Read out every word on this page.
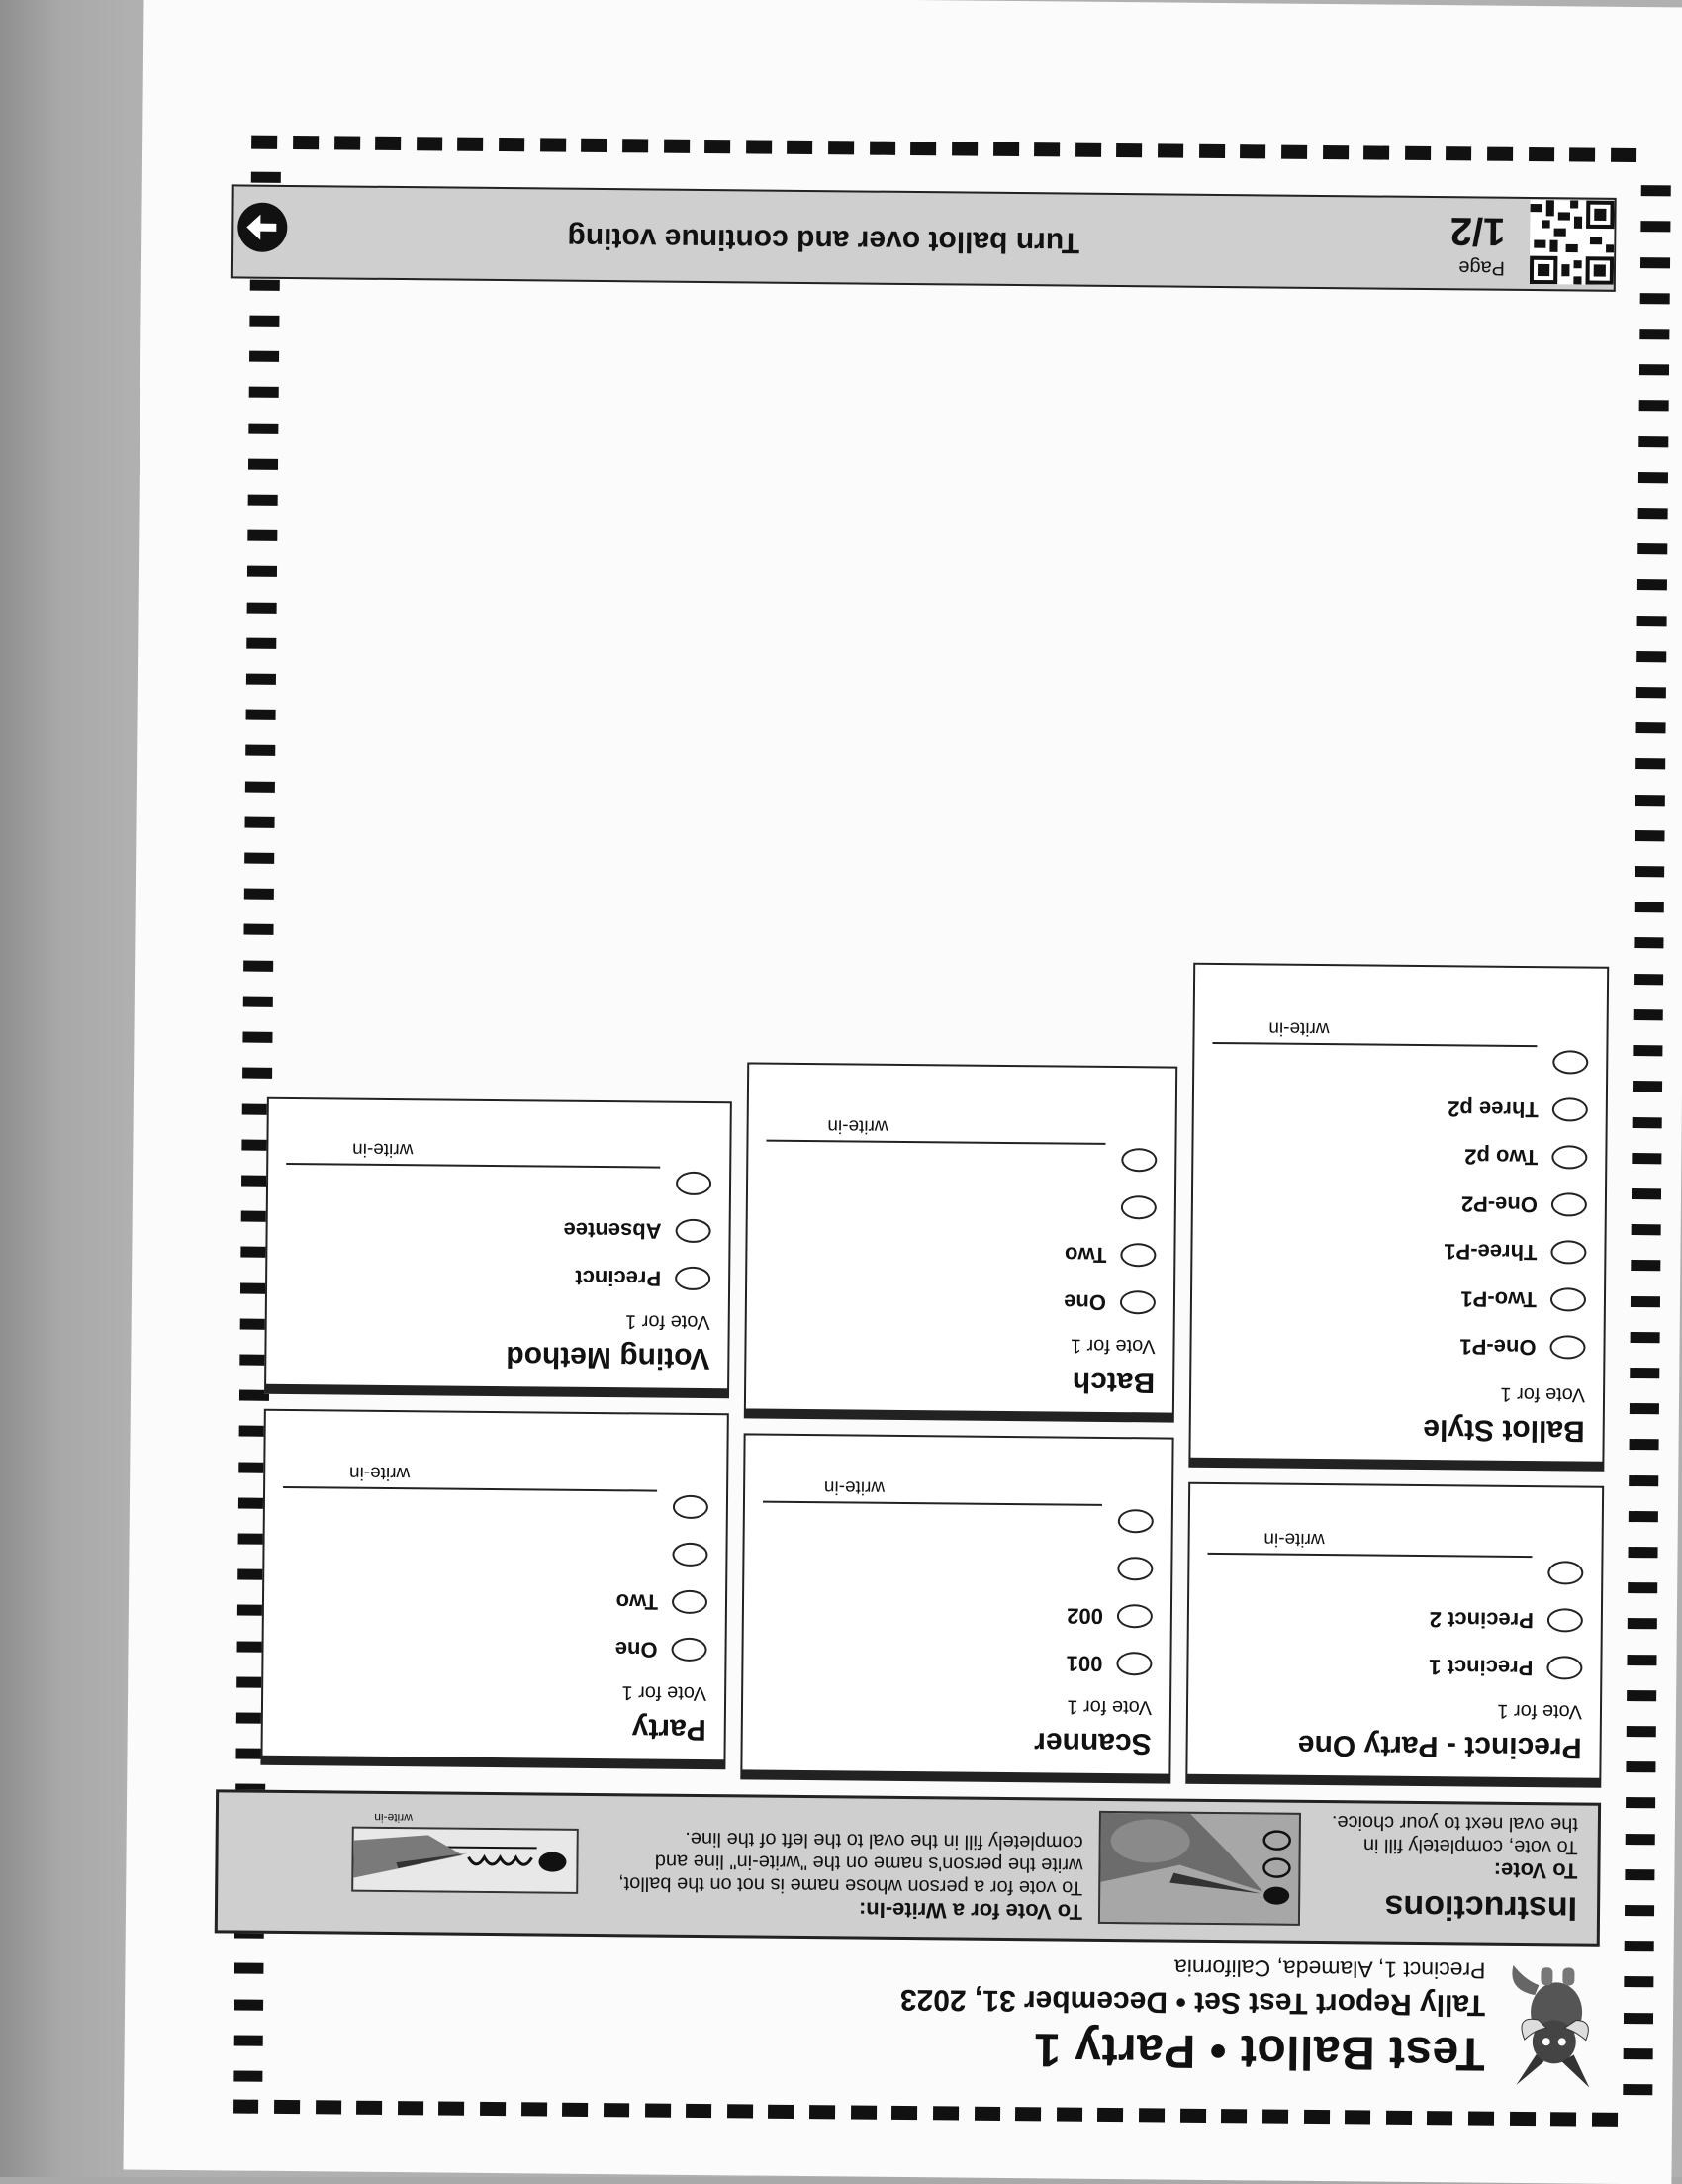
Test Ballot • Party 1
Tally Report Test Set • December 31, 2023
Precinct 1, Alameda, California
Instructions
To Vote:
To vote, completely fill in the oval next to your choice.
To Vote for a Write-In:
To vote for a person whose name is not on the ballot, write the person's name on the "write-in" line and completely fill in the oval to the left of the line.
write-in
Precinct - Party One
Vote for 1
Precinct 1
Precinct 2
write-in
Ballot Style
Vote for 1
One-P1
Two-P1
Three-P1
One-P2
Two p2
Three p2
write-in
Scanner
Vote for 1
001
002
write-in
Batch
Vote for 1
One
Two
write-in
Party
Vote for 1
One
Two
write-in
Voting Method
Vote for 1
Precinct
Absentee
write-in
Page
1/2
Turn ballot over and continue voting
